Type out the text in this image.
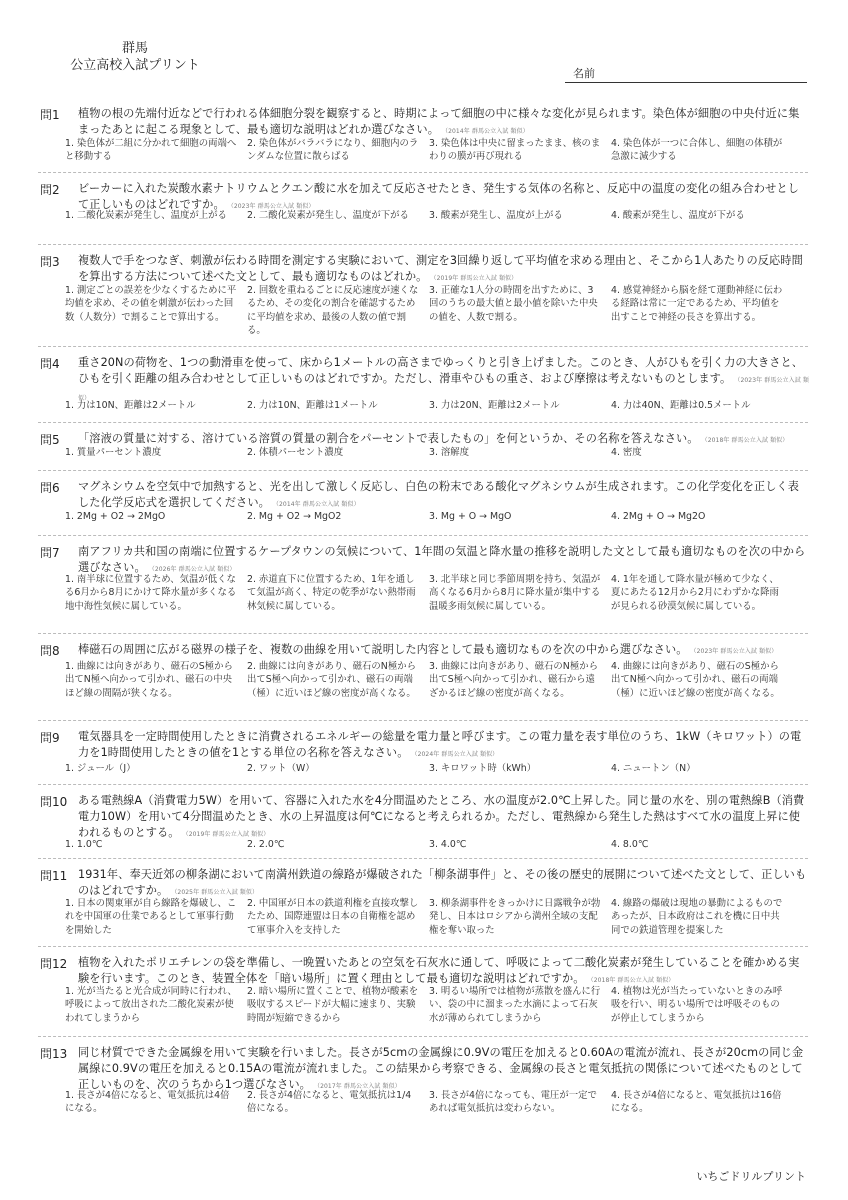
群馬
公立高校入試プリント
名前
問1	植物の根の先端付近などで行われる体細胞分裂を観察すると、時期によって細胞の中に様々な変化が見られます。染色体が細胞の中央付近に集まったあとに起こる現象として、最も適切な説明はどれか選びなさい。 （2014年 群馬公立入試 類似）
1. 染色体が二組に分かれて細胞の両端へと移動する
2. 染色体がバラバラになり、細胞内のランダムな位置に散らばる
3. 染色体は中央に留まったまま、核のまわりの膜が再び現れる
4. 染色体が一つに合体し、細胞の体積が急激に減少する
問2	ビーカーに入れた炭酸水素ナトリウムとクエン酸に水を加えて反応させたとき、発生する気体の名称と、反応中の温度の変化の組み合わせとして正しいものはどれですか。 （2023年 群馬公立入試 類似）
1. 二酸化炭素が発生し、温度が上がる	2. 二酸化炭素が発生し、温度が下がる	3. 酸素が発生し、温度が上がる	4. 酸素が発生し、温度が下がる
問3	複数人で手をつなぎ、刺激が伝わる時間を測定する実験において、測定を3回繰り返して平均値を求める理由と、そこから1人あたりの反応時間を算出する方法について述べた文として、最も適切なものはどれか。 （2019年 群馬公立入試 類似）
1. 測定ごとの誤差を少なくするために平均値を求め、その値を刺激が伝わった回数（人数分）で割ることで算出する。
2. 回数を重ねるごとに反応速度が速くなるため、その変化の割合を確認するために平均値を求め、最後の人数の値で割る。
3. 正確な1人分の時間を出すために、3回のうちの最大値と最小値を除いた中央の値を、人数で割る。
4. 感覚神経から脳を経て運動神経に伝わる経路は常に一定であるため、平均値を出すことで神経の長さを算出する。
問4	重さ20Nの荷物を、1つの動滑車を使って、床から1メートルの高さまでゆっくりと引き上げました。このとき、人がひもを引く力の大きさと、ひもを引く距離の組み合わせとして正しいものはどれですか。ただし、滑車やひもの重さ、および摩擦は考えないものとします。 （2023年 群馬公立入試 類似）
1. 力は10N、距離は2メートル	2. 力は10N、距離は1メートル	3. 力は20N、距離は2メートル	4. 力は40N、距離は0.5メートル
問5	「溶液の質量に対する、溶けている溶質の質量の割合をパーセントで表したもの」を何というか、その名称を答えなさい。 （2018年 群馬公立入試 類似）
1. 質量パーセント濃度	2. 体積パーセント濃度	3. 溶解度	4. 密度
問6	マグネシウムを空気中で加熱すると、光を出して激しく反応し、白色の粉末である酸化マグネシウムが生成されます。この化学変化を正しく表した化学反応式を選択してください。 （2014年 群馬公立入試 類似）
1. 2Mg + O2 → 2MgO	2. Mg + O2 → MgO2	3. Mg + O → MgO	4. 2Mg + O → Mg2O
問7	南アフリカ共和国の南端に位置するケープタウンの気候について、1年間の気温と降水量の推移を説明した文として最も適切なものを次の中から選びなさい。 （2026年 群馬公立入試 類似）
1. 南半球に位置するため、気温が低くなる6月から8月にかけて降水量が多くなる地中海性気候に属している。
2. 赤道直下に位置するため、1年を通して気温が高く、特定の乾季がない熱帯雨林気候に属している。
3. 北半球と同じ季節周期を持ち、気温が高くなる6月から8月に降水量が集中する温暖多雨気候に属している。
4. 1年を通して降水量が極めて少なく、夏にあたる12月から2月にわずかな降雨が見られる砂漠気候に属している。
問8	棒磁石の周囲に広がる磁界の様子を、複数の曲線を用いて説明した内容として最も適切なものを次の中から選びなさい。 （2023年 群馬公立入試 類似）
1. 曲線には向きがあり、磁石のS極から出てN極へ向かって引かれ、磁石の中央ほど線の間隔が狭くなる。
2. 曲線には向きがあり、磁石のN極から出てS極へ向かって引かれ、磁石の両端（極）に近いほど線の密度が高くなる。
3. 曲線には向きがあり、磁石のN極から出てS極へ向かって引かれ、磁石から遠ざかるほど線の密度が高くなる。
4. 曲線には向きがあり、磁石のS極から出てN極へ向かって引かれ、磁石の両端（極）に近いほど線の密度が高くなる。
問9	電気器具を一定時間使用したときに消費されるエネルギーの総量を電力量と呼びます。この電力量を表す単位のうち、1kW（キロワット）の電力を1時間使用したときの値を1とする単位の名称を答えなさい。 （2024年 群馬公立入試 類似）
1. ジュール（J）	2. ワット（W）	3. キロワット時（kWh）	4. ニュートン（N）
問10 ある電熱線A（消費電力5W）を用いて、容器に入れた水を4分間温めたところ、水の温度が2.0℃上昇した。同じ量の水を、別の電熱線B（消費電力10W）を用いて4分間温めたとき、水の上昇温度は何℃になると考えられるか。ただし、電熱線から発生した熱はすべて水の温度上昇に使われるものとする。 （2019年 群馬公立入試 類似）
1. 1.0℃	2. 2.0℃	3. 4.0℃	4. 8.0℃
問11 1931年、奉天近郊の柳条湖において南満州鉄道の線路が爆破された「柳条湖事件」と、その後の歴史的展開について述べた文として、正しいものはどれですか。 （2025年 群馬公立入試 類似）
1. 日本の関東軍が自ら線路を爆破し、これを中国軍の仕業であるとして軍事行動を開始した
2. 中国軍が日本の鉄道利権を直接攻撃したため、国際連盟は日本の自衛権を認めて軍事介入を支持した
3. 柳条湖事件をきっかけに日露戦争が勃発し、日本はロシアから満州全域の支配権を奪い取った
4. 線路の爆破は現地の暴動によるものであったが、日本政府はこれを機に日中共同での鉄道管理を提案した
問12 植物を入れたポリエチレンの袋を準備し、一晩置いたあとの空気を石灰水に通して、呼吸によって二酸化炭素が発生していることを確かめる実験を行います。このとき、装置全体を「暗い場所」に置く理由として最も適切な説明はどれですか。 （2018年 群馬公立入試 類似）
1. 光が当たると光合成が同時に行われ、呼吸によって放出された二酸化炭素が使われてしまうから
2. 暗い場所に置くことで、植物が酸素を吸収するスピードが大幅に速まり、実験時間が短縮できるから
3. 明るい場所では植物が蒸散を盛んに行い、袋の中に溜まった水滴によって石灰水が薄められてしまうから
4. 植物は光が当たっていないときのみ呼吸を行い、明るい場所では呼吸そのものが停止してしまうから
問13 同じ材質でできた金属線を用いて実験を行いました。長さが5cmの金属線に0.9Vの電圧を加えると0.60Aの電流が流れ、長さが20cmの同じ金属線に0.9Vの電圧を加えると0.15Aの電流が流れました。この結果から考察できる、金属線の長さと電気抵抗の関係について述べたものとして正しいものを、次のうちから1つ選びなさい。 （2017年 群馬公立入試 類似）
1. 長さが4倍になると、電気抵抗は4倍になる。
2. 長さが4倍になると、電気抵抗は1/4倍になる。
3. 長さが4倍になっても、電圧が一定であれば電気抵抗は変わらない。
4. 長さが4倍になると、電気抵抗は16倍になる。
いちごドリルプリント
